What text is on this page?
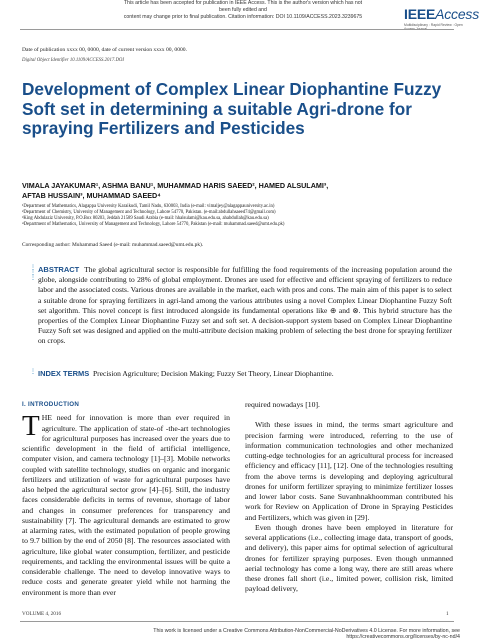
This article has been accepted for publication in IEEE Access. This is the author's version which has not been fully edited and
content may change prior to final publication. Citation information: DOI 10.1109/ACCESS.2023.3239675	IEEEAccess
Multidisciplinary : Rapid Review : Open
Date of publication xxxx 00, 0000, date of current version xxxx 00, 0000.
Digital Object Identifier 10.1109/ACCESS.2017.DOI
Development of Complex Linear Diophantine Fuzzy Soft set in determining a suitable Agri-drone for spraying Fertilizers and Pesticides
VIMALA JAYAKUMAR¹, ASHMA BANU¹, MUHAMMAD HARIS SAEED², HAMED ALSULAMI³,
AFTAB HUSSAIN³, MUHAMMAD SAEED⁴
¹Department of Mathematics, Alagappa University Karaikudi, Tamil Nadu, 630003, India (e-mail: vimaljey@alagappauniversity.ac.in)
²Department of Chemistry, University of Management and Technology, Lahore 54770, Pakistan. (e-mail:abdullahsaeed74@gmail.com)
³King Abdulaziz University, P.O.Box 80203, Jeddah 21589 Saudi Arabia (e-mail: hhalsulami@kau.edu.sa, ahabdullah@kau.edu.sa)
⁴Department of Mathematics, University of Management and Technology, Lahore 54770, Pakistan (e-mail: muhammad.saeed@umt.edu.pk)
Corresponding author: Muhammad Saeed (e-mail: muhammad.saeed@umt.edu.pk).
⋮
⋮
⋮
ABSTRACT The global agricultural sector is responsible for fulfilling the food requirements of the increasing population around the globe, alongside contributing to 28% of global employment. Drones are used for effective and efficient spraying of fertilizers to reduce labor and the associated costs. Various drones are available in the market, each with pros and cons. The main aim of this paper is to select a suitable drone for spraying fertilizers in agri-land among the various attributes using a novel Complex Linear Diophantine Fuzzy Soft set algorithm. This novel concept is first introduced alongside its fundamental operations like ⊕ and ⊗. This hybrid structure has the properties of the Complex Linear Diophantine Fuzzy set and soft set. A decision-support system based on Complex Linear Diophantine Fuzzy Soft set was designed and applied on the multi-attribute decision making problem of selecting the best drone for spraying fertilizer on crops.
⋮ INDEX TERMS Precision Agriculture; Decision Making; Fuzzy Set Theory, Linear Diophantine.
I. INTRODUCTION

THE need for innovation is more than ever required in agriculture. The application of state-of -the-art technologies for agricultural purposes has increased over the years due to scientific development in the field of artificial intelligence, computer vision, and camera technology [1]–[3]. Mobile networks coupled with satellite technology, studies on organic and inorganic fertilizers and utilization of waste for agricultural purposes have also helped the agricultural sector grow [4]–[6]. Still, the industry faces considerable deficits in terms of revenue, shortage of labor and changes in consumer preferences for transparency and sustainability [7]. The agricultural demands are estimated to grow at alarming rates, with the estimated population of people growing to 9.7 billion by the end of 2050 [8]. The resources associated with agriculture, like global water consumption, fertilizer, and pesticide requirements, and tackling the environmental issues will be quite a considerable challenge. The need to develop innovative ways to reduce costs and generate greater yield while not harming the environment is more than ever

required nowadays [10].

With these issues in mind, the terms smart agriculture and precision farming were introduced, referring to the use of information communication technologies and other mechanized cutting-edge technologies for an agricultural process for increased efficiency and efficacy [11], [12]. One of the technologies resulting from the above terms is developing and deploying agricultural drones for uniform fertilizer spraying to minimize fertilizer losses and lower labor costs. Sane Suvanhnakhoomman contributed his work for Review on Application of Drone in Spraying Pesticides and Fertilizers, which was given in [29].

Even though drones have been employed in literature for several applications (i.e., collecting image data, transport of goods, and delivery), this paper aims for optimal selection of agricultural drones for fertilizer spraying purposes. Even though unmanned aerial technology has come a long way, there are still areas where these drones fall short (i.e., limited power, collision risk, limited payload delivery,

VOLUME 4, 2016	1
This work is licensed under a Creative Commons Attribution-NonCommercial-NoDerivatives 4.0 License. For more information, see https://creativecommons.org/licenses/by-nc-nd/4
